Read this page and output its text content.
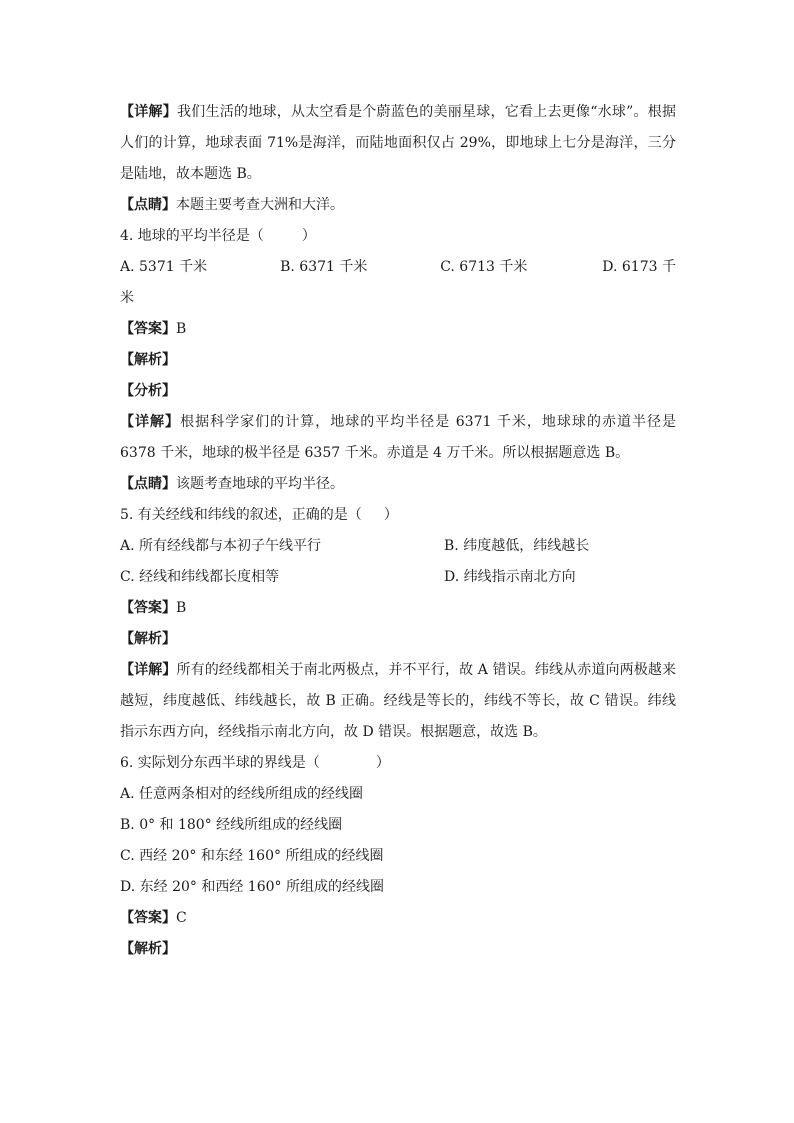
【详解】我们生活的地球，从太空看是个蔚蓝色的美丽星球，它看上去更像“水球”。根据人们的计算，地球表面 71%是海洋，而陆地面积仅占 29%，即地球上七分是海洋，三分是陆地，故本题选 B。
【点睛】本题主要考查大洲和大洋。
4. 地球的平均半径是（	）
A. 5371 千米	B. 6371 千米	C. 6713 千米	D. 6173 千
米
【答案】B
【解析】
【分析】
【详解】根据科学家们的计算，地球的平均半径是 6371 千米，地球球的赤道半径是 6378 千米，地球的极半径是 6357 千米。赤道是 4 万千米。所以根据题意选 B。
【点睛】该题考查地球的平均半径。
5. 有关经线和纬线的叙述，正确的是（ ）
A. 所有经线都与本初子午线平行	B. 纬度越低，纬线越长
C. 经线和纬线都长度相等	D. 纬线指示南北方向
【答案】B
【解析】
【详解】所有的经线都相关于南北两极点，并不平行，故 A 错误。纬线从赤道向两极越来越短，纬度越低、纬线越长，故 B 正确。经线是等长的，纬线不等长，故 C 错误。纬线指示东西方向，经线指示南北方向，故 D 错误。根据题意，故选 B。
6. 实际划分东西半球的界线是（	）
A. 任意两条相对的经线所组成的经线圈
B. 0° 和 180° 经线所组成的经线圈
C. 西经 20° 和东经 160° 所组成的经线圈
D. 东经 20° 和西经 160° 所组成的经线圈
【答案】C
【解析】
